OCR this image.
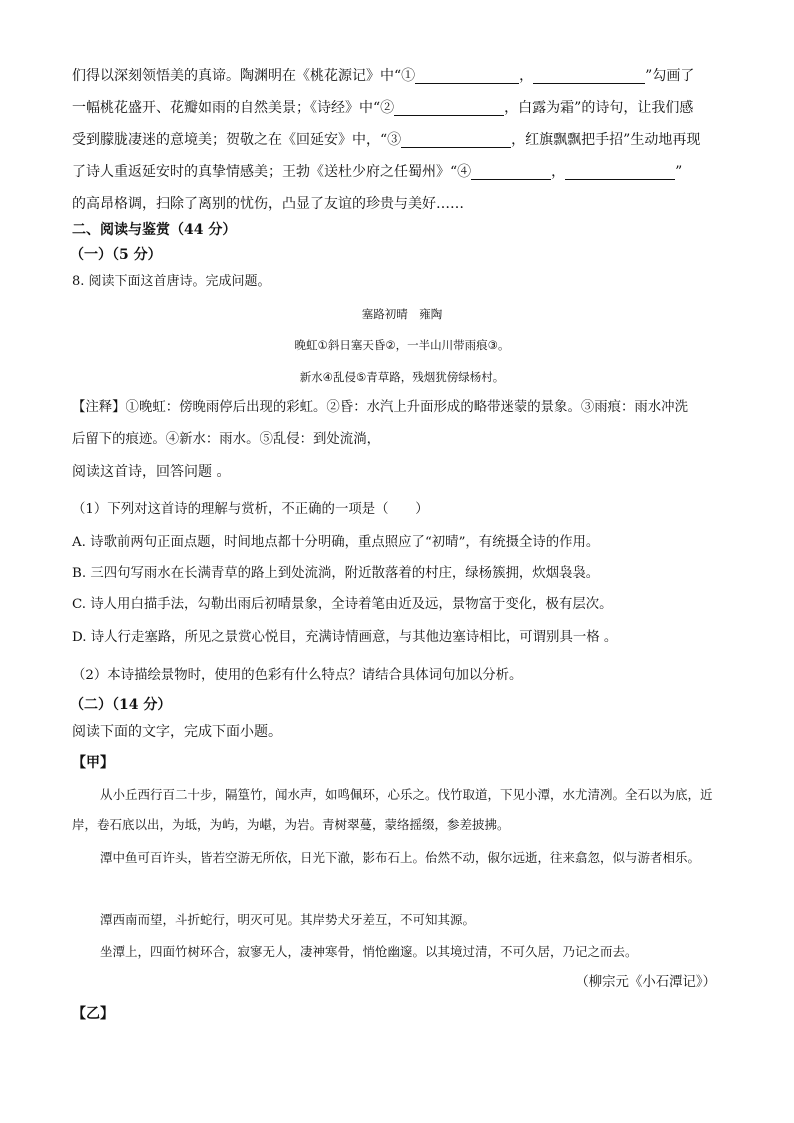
们得以深刻领悟美的真谛。陶渊明在《桃花源记》中“①	，	”勾画了
一幅桃花盛开、花瓣如雨的自然美景；《诗经》中“②	，白露为霜”的诗句，让我们感
受到朦胧凄迷的意境美；贺敬之在《回延安》中，“③	，红旗飘飘把手招”生动地再现
了诗人重返延安时的真挚情感美；王勃《送杜少府之任蜀州》“④	，	”
的高昂格调，扫除了离别的忧伤，凸显了友谊的珍贵与美好……
二、阅读与鉴赏（44 分）
（一）（5 分）
8. 阅读下面这首唐诗。完成问题。
塞路初晴　雍陶
晚虹①斜日塞天昏②，一半山川带雨痕③。
新水④乱侵⑤青草路，残烟犹傍绿杨村。
【注释】①晚虹：傍晚雨停后出现的彩虹。②昏：水汽上升面形成的略带迷蒙的景象。③雨痕：雨水冲洗
后留下的痕迹。④新水：雨水。⑤乱侵：到处流淌，
阅读这首诗，回答问题 。
（1）下列对这首诗的理解与赏析，不正确的一项是（　　）
A. 诗歌前两句正面点题，时间地点都十分明确，重点照应了“初晴”，有统摄全诗的作用。
B. 三四句写雨水在长满青草的路上到处流淌，附近散落着的村庄，绿杨簇拥，炊烟袅袅。
C. 诗人用白描手法，勾勒出雨后初晴景象，全诗着笔由近及远，景物富于变化，极有层次。
D. 诗人行走塞路，所见之景赏心悦目，充满诗情画意，与其他边塞诗相比，可谓别具一格 。
（2）本诗描绘景物时，使用的色彩有什么特点？请结合具体词句加以分析。
（二）（14 分）
阅读下面的文字，完成下面小题。
【甲】
从小丘西行百二十步，隔篁竹，闻水声，如鸣佩环，心乐之。伐竹取道，下见小潭，水尤清冽。全石以为底，近岸，卷石底以出，为坻，为屿，为嵁，为岩。青树翠蔓，蒙络摇缀，参差披拂。
潭中鱼可百许头，皆若空游无所依，日光下澈，影布石上。佁然不动，俶尔远逝，往来翕忽，似与游者相乐。
潭西南而望，斗折蛇行，明灭可见。其岸势犬牙差互，不可知其源。
坐潭上，四面竹树环合，寂寥无人，凄神寒骨，悄怆幽邃。以其境过清，不可久居，乃记之而去。
（柳宗元《小石潭记》）
【乙】
